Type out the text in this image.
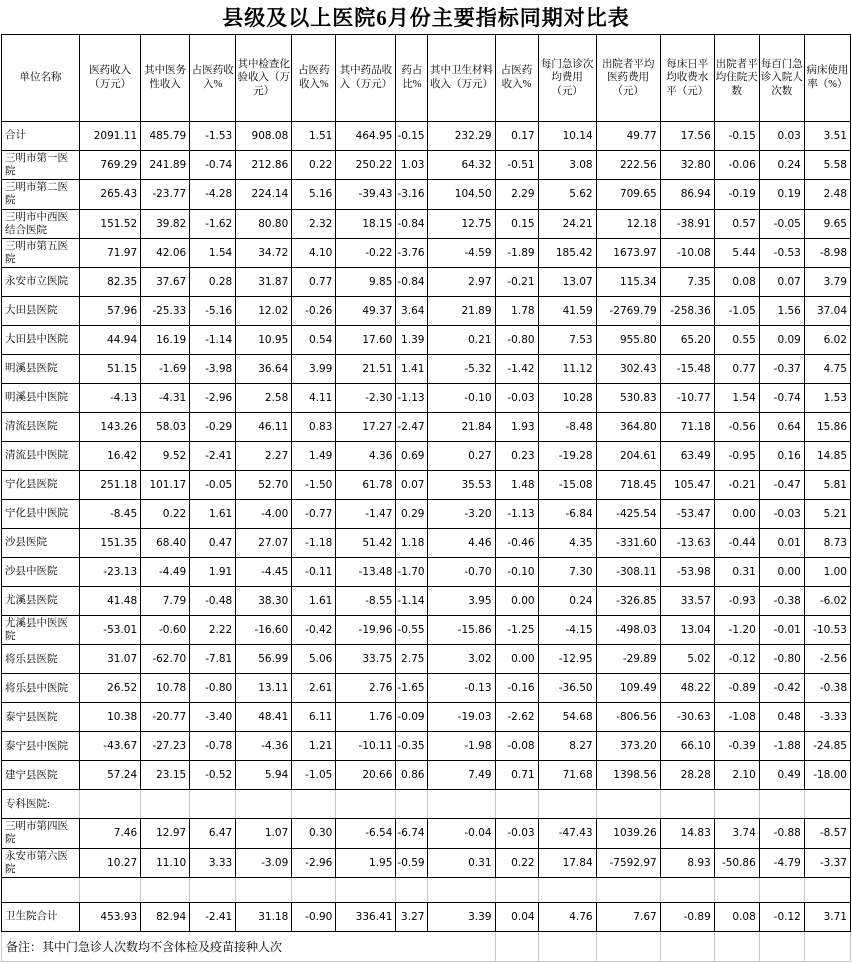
县级及以上医院6月份主要指标同期对比表
单位名称	医药收入（万元）	其中医务性收入	占医药收入%	其中检查化验收入（万元）	占医药收入%	其中药品收入（万元）	药占比%	其中卫生材料收入（万元）	占医药收入%	每门急诊次均费用（元）	出院者平均医药费用（元）	每床日平均收费水平（元）	出院者平均住院天数	每百门急诊入院人次数	病床使用率（%）
合计	2091.11	485.79	-1.53	908.08	1.51	464.95	-0.15	232.29	0.17	10.14	49.77	17.56	-0.15	0.03	3.51
三明市第一医院	769.29	241.89	-0.74	212.86	0.22	250.22	1.03	64.32	-0.51	3.08	222.56	32.80	-0.06	0.24	5.58
三明市第二医院	265.43	-23.77	-4.28	224.14	5.16	-39.43	-3.16	104.50	2.29	5.62	709.65	86.94	-0.19	0.19	2.48
三明市中西医结合医院	151.52	39.82	-1.62	80.80	2.32	18.15	-0.84	12.75	0.15	24.21	12.18	-38.91	0.57	-0.05	9.65
三明市第五医院	71.97	42.06	1.54	34.72	4.10	-0.22	-3.76	-4.59	-1.89	185.42	1673.97	-10.08	5.44	-0.53	-8.98
永安市立医院	82.35	37.67	0.28	31.87	0.77	9.85	-0.84	2.97	-0.21	13.07	115.34	7.35	0.08	0.07	3.79
大田县医院	57.96	-25.33	-5.16	12.02	-0.26	49.37	3.64	21.89	1.78	41.59	-2769.79	-258.36	-1.05	1.56	37.04
大田县中医院	44.94	16.19	-1.14	10.95	0.54	17.60	1.39	0.21	-0.80	7.53	955.80	65.20	0.55	0.09	6.02
明溪县医院	51.15	-1.69	-3.98	36.64	3.99	21.51	1.41	-5.32	-1.42	11.12	302.43	-15.48	0.77	-0.37	4.75
明溪县中医院	-4.13	-4.31	-2.96	2.58	4.11	-2.30	-1.13	-0.10	-0.03	10.28	530.83	-10.77	1.54	-0.74	1.53
清流县医院	143.26	58.03	-0.29	46.11	0.83	17.27	-2.47	21.84	1.93	-8.48	364.80	71.18	-0.56	0.64	15.86
清流县中医院	16.42	9.52	-2.41	2.27	1.49	4.36	0.69	0.27	0.23	-19.28	204.61	63.49	-0.95	0.16	14.85
宁化县医院	251.18	101.17	-0.05	52.70	-1.50	61.78	0.07	35.53	1.48	-15.08	718.45	105.47	-0.21	-0.47	5.81
宁化县中医院	-8.45	0.22	1.61	-4.00	-0.77	-1.47	0.29	-3.20	-1.13	-6.84	-425.54	-53.47	0.00	-0.03	5.21
沙县医院	151.35	68.40	0.47	27.07	-1.18	51.42	1.18	4.46	-0.46	4.35	-331.60	-13.63	-0.44	0.01	8.73
沙县中医院	-23.13	-4.49	1.91	-4.45	-0.11	-13.48	-1.70	-0.70	-0.10	7.30	-308.11	-53.98	0.31	0.00	1.00
尤溪县医院	41.48	7.79	-0.48	38.30	1.61	-8.55	-1.14	3.95	0.00	0.24	-326.85	33.57	-0.93	-0.38	-6.02
尤溪县中医医院	-53.01	-0.60	2.22	-16.60	-0.42	-19.96	-0.55	-15.86	-1.25	-4.15	-498.03	13.04	-1.20	-0.01	-10.53
将乐县医院	31.07	-62.70	-7.81	56.99	5.06	33.75	2.75	3.02	0.00	-12.95	-29.89	5.02	-0.12	-0.80	-2.56
将乐县中医院	26.52	10.78	-0.80	13.11	2.61	2.76	-1.65	-0.13	-0.16	-36.50	109.49	48.22	-0.89	-0.42	-0.38
泰宁县医院	10.38	-20.77	-3.40	48.41	6.11	1.76	-0.09	-19.03	-2.62	54.68	-806.56	-30.63	-1.08	0.48	-3.33
泰宁县中医院	-43.67	-27.23	-0.78	-4.36	1.21	-10.11	-0.35	-1.98	-0.08	8.27	373.20	66.10	-0.39	-1.88	-24.85
建宁县医院	57.24	23.15	-0.52	5.94	-1.05	20.66	0.86	7.49	0.71	71.68	1398.56	28.28	2.10	0.49	-18.00
专科医院:															
三明市第四医院	7.46	12.97	6.47	1.07	0.30	-6.54	-6.74	-0.04	-0.03	-47.43	1039.26	14.83	3.74	-0.88	-8.57
永安市第六医院	10.27	11.10	3.33	-3.09	-2.96	1.95	-0.59	0.31	0.22	17.84	-7592.97	8.93	-50.86	-4.79	-3.37

卫生院合计	453.93	82.94	-2.41	31.18	-0.90	336.41	3.27	3.39	0.04	4.76	7.67	-0.89	0.08	-0.12	3.71
备注：其中门急诊人次数均不含体检及疫苗接种人次															
